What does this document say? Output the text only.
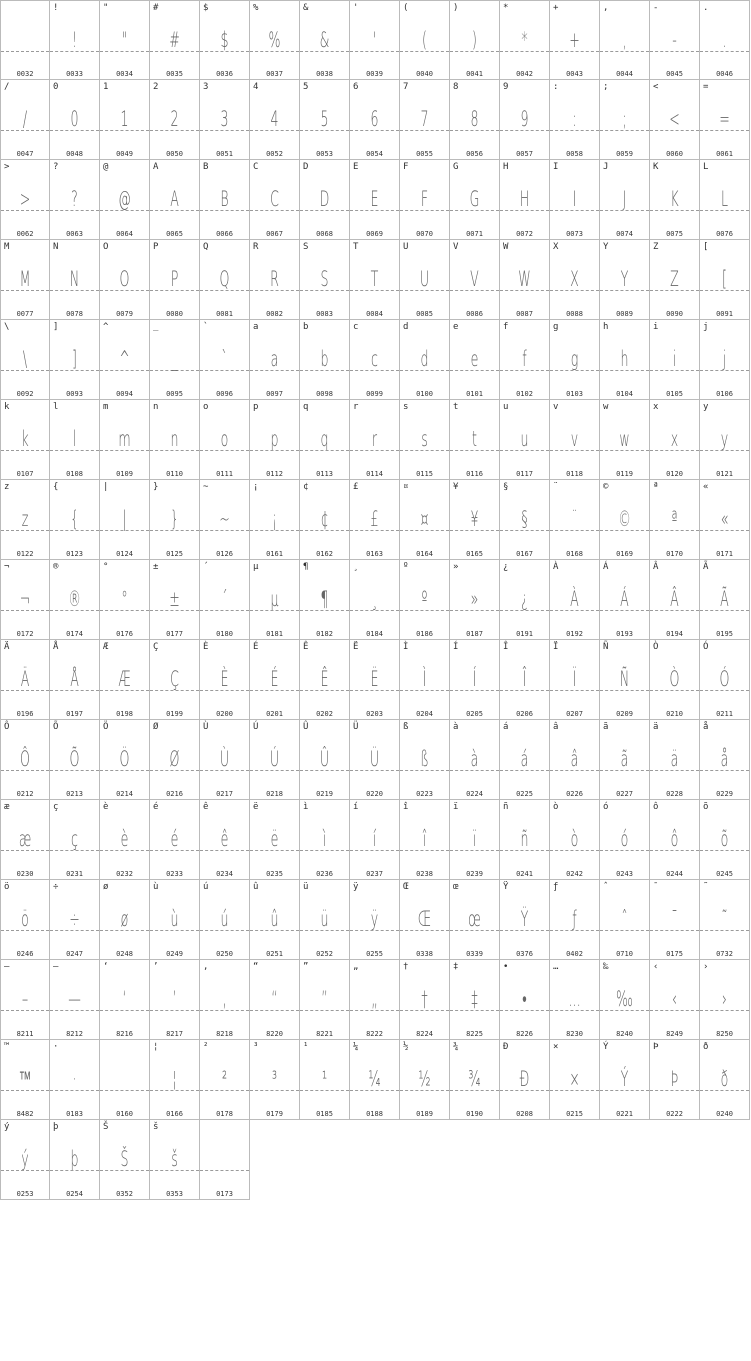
0032
!
!
0033
"
"
0034
#
#
0035
$
$
0036
%
%
0037
&
&
0038
'
'
0039
(
(
0040
)
)
0041
*
*
0042
+
+
0043
,
,
0044
-
-
0045
.
.
0046
/
/
0047
0
0
0048
1
1
0049
2
2
0050
3
3
0051
4
4
0052
5
5
0053
6
6
0054
7
7
0055
8
8
0056
9
9
0057
:
:
0058
;
;
0059
<
<
0060
=
=
0061
>
>
0062
?
?
0063
@
@
0064
A
A
0065
B
B
0066
C
C
0067
D
D
0068
E
E
0069
F
F
0070
G
G
0071
H
H
0072
I
I
0073
J
J
0074
K
K
0075
L
L
0076
M
M
0077
N
N
0078
O
O
0079
P
P
0080
Q
Q
0081
R
R
0082
S
S
0083
T
T
0084
U
U
0085
V
V
0086
W
W
0087
X
X
0088
Y
Y
0089
Z
Z
0090
[
[
0091
\
\
0092
]
]
0093
^
^
0094
_
_
0095
`
`
0096
a
a
0097
b
b
0098
c
c
0099
d
d
0100
e
e
0101
f
f
0102
g
g
0103
h
h
0104
i
i
0105
j
j
0106
k
k
0107
l
l
0108
m
m
0109
n
n
0110
o
o
0111
p
p
0112
q
q
0113
r
r
0114
s
s
0115
t
t
0116
u
u
0117
v
v
0118
w
w
0119
x
x
0120
y
y
0121
z
z
0122
{
{
0123
|
|
0124
}
}
0125
~
~
0126
¡
¡
0161
¢
¢
0162
£
£
0163
¤
¤
0164
¥
¥
0165
§
§
0167
¨
¨
0168
©
©
0169
ª
ª
0170
«
«
0171
¬
¬
0172
®
®
0174
°
°
0176
±
±
0177
´
´
0180
µ
µ
0181
¶
¶
0182
¸
¸
0184
º
º
0186
»
»
0187
¿
¿
0191
À
À
0192
Á
Á
0193
Â
Â
0194
Ã
Ã
0195
Ä
Ä
0196
Å
Å
0197
Æ
Æ
0198
Ç
Ç
0199
È
È
0200
É
É
0201
Ê
Ê
0202
Ë
Ë
0203
Ì
Ì
0204
Í
Í
0205
Î
Î
0206
Ï
Ï
0207
Ñ
Ñ
0209
Ò
Ò
0210
Ó
Ó
0211
Ô
Ô
0212
Õ
Õ
0213
Ö
Ö
0214
Ø
Ø
0216
Ù
Ù
0217
Ú
Ú
0218
Û
Û
0219
Ü
Ü
0220
ß
ß
0223
à
à
0224
á
á
0225
â
â
0226
ã
ã
0227
ä
ä
0228
å
å
0229
æ
æ
0230
ç
ç
0231
è
è
0232
é
é
0233
ê
ê
0234
ë
ë
0235
ì
ì
0236
í
í
0237
î
î
0238
ï
ï
0239
ñ
ñ
0241
ò
ò
0242
ó
ó
0243
ô
ô
0244
õ
õ
0245
ö
ö
0246
÷
÷
0247
ø
ø
0248
ù
ù
0249
ú
ú
0250
û
û
0251
ü
ü
0252
ÿ
ÿ
0255
Œ
Œ
0338
œ
œ
0339
Ÿ
Ÿ
0376
ƒ
ƒ
0402
ˆ
ˆ
0710
¯
¯
0175
˜
˜
0732
–
–
8211
—
—
8212
‘
‘
8216
’
’
8217
‚
‚
8218
“
“
8220
”
”
8221
„
„
8222
†
†
8224
‡
‡
8225
•
•
8226
…
…
8230
‰
‰
8240
‹
‹
8249
›
›
8250
™
™
8482
·
·
0183	0160
¦
¦
0166
²
²
0178
³
³
0179
¹
¹
0185
¼
¼
0188
½
½
0189
¾
¾
0190
Ð
Ð
0208
×
×
0215
Ý
Ý
0221
Þ
Þ
0222
ð
ð
0240
ý
ý
0253
þ
þ
0254
Š
Š
0352
š
š
0353	0173
